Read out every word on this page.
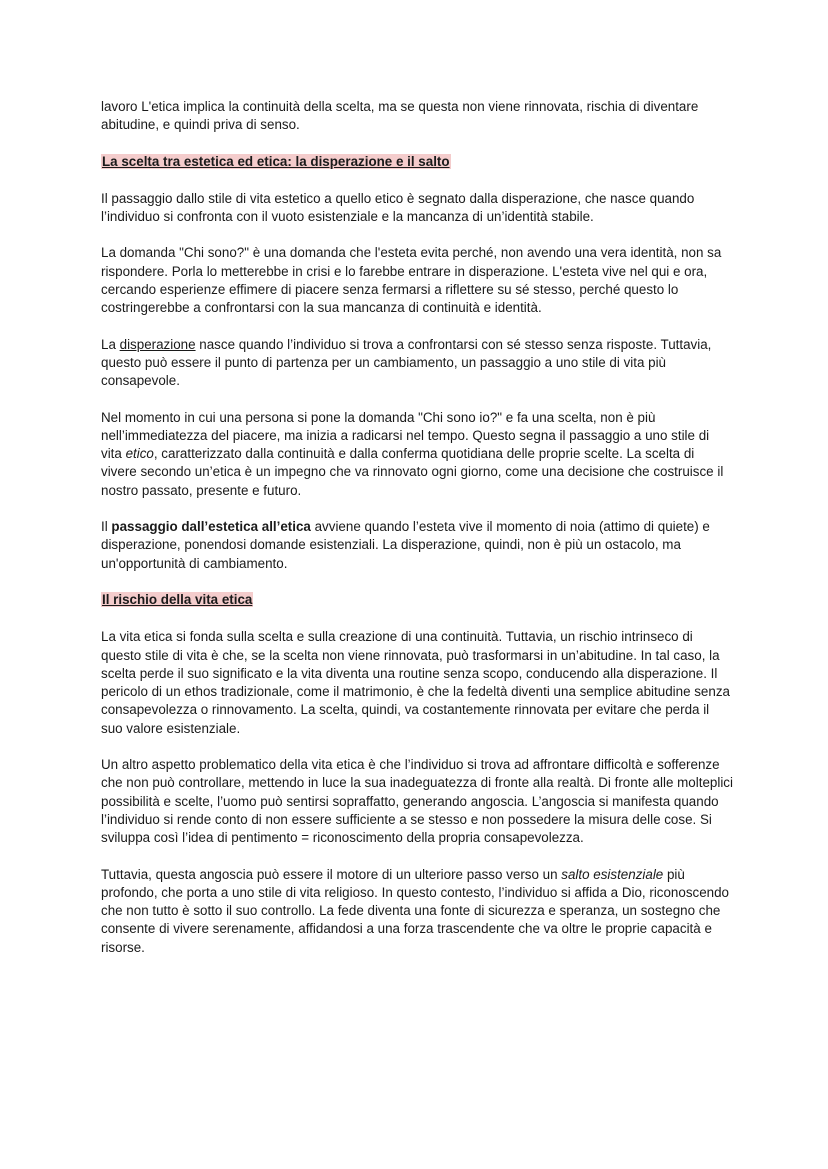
lavoro L'etica implica la continuità della scelta, ma se questa non viene rinnovata, rischia di diventare abitudine, e quindi priva di senso.

La scelta tra estetica ed etica: la disperazione e il salto

Il passaggio dallo stile di vita estetico a quello etico è segnato dalla disperazione, che nasce quando l’individuo si confronta con il vuoto esistenziale e la mancanza di un’identità stabile.

La domanda "Chi sono?" è una domanda che l'esteta evita perché, non avendo una vera identità, non sa rispondere. Porla lo metterebbe in crisi e lo farebbe entrare in disperazione. L'esteta vive nel qui e ora, cercando esperienze effimere di piacere senza fermarsi a riflettere su sé stesso, perché questo lo costringerebbe a confrontarsi con la sua mancanza di continuità e identità.

La disperazione nasce quando l’individuo si trova a confrontarsi con sé stesso senza risposte. Tuttavia, questo può essere il punto di partenza per un cambiamento, un passaggio a uno stile di vita più consapevole.

Nel momento in cui una persona si pone la domanda "Chi sono io?" e fa una scelta, non è più nell’immediatezza del piacere, ma inizia a radicarsi nel tempo. Questo segna il passaggio a uno stile di vita etico, caratterizzato dalla continuità e dalla conferma quotidiana delle proprie scelte. La scelta di vivere secondo un’etica è un impegno che va rinnovato ogni giorno, come una decisione che costruisce il nostro passato, presente e futuro.

Il passaggio dall’estetica all’etica avviene quando l’esteta vive il momento di noia (attimo di quiete) e disperazione, ponendosi domande esistenziali. La disperazione, quindi, non è più un ostacolo, ma un'opportunità di cambiamento.

Il rischio della vita etica

La vita etica si fonda sulla scelta e sulla creazione di una continuità. Tuttavia, un rischio intrinseco di questo stile di vita è che, se la scelta non viene rinnovata, può trasformarsi in un’abitudine. In tal caso, la scelta perde il suo significato e la vita diventa una routine senza scopo, conducendo alla disperazione. Il pericolo di un ethos tradizionale, come il matrimonio, è che la fedeltà diventi una semplice abitudine senza consapevolezza o rinnovamento. La scelta, quindi, va costantemente rinnovata per evitare che perda il suo valore esistenziale.

Un altro aspetto problematico della vita etica è che l’individuo si trova ad affrontare difficoltà e sofferenze che non può controllare, mettendo in luce la sua inadeguatezza di fronte alla realtà. Di fronte alle molteplici possibilità e scelte, l’uomo può sentirsi sopraffatto, generando angoscia. L’angoscia si manifesta quando l’individuo si rende conto di non essere sufficiente a se stesso e non possedere la misura delle cose. Si sviluppa così l’idea di pentimento = riconoscimento della propria consapevolezza.

Tuttavia, questa angoscia può essere il motore di un ulteriore passo verso un salto esistenziale più profondo, che porta a uno stile di vita religioso. In questo contesto, l’individuo si affida a Dio, riconoscendo che non tutto è sotto il suo controllo. La fede diventa una fonte di sicurezza e speranza, un sostegno che consente di vivere serenamente, affidandosi a una forza trascendente che va oltre le proprie capacità e risorse.
